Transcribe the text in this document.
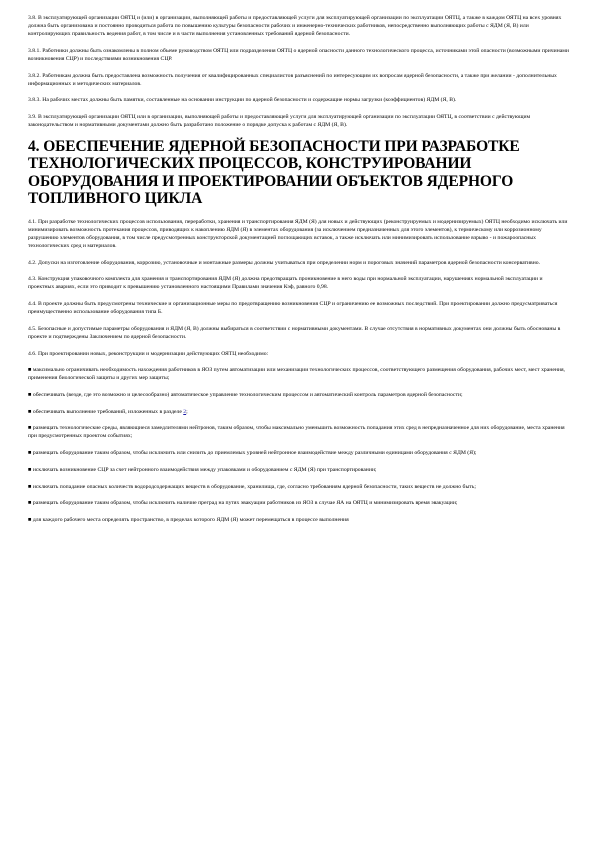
3.8. В эксплуатирующей организации ОЯТЦ и (или) в организации, выполняющей работы и предоставляющей услуги для эксплуатирующей организации по эксплуатации ОЯТЦ, а также в каждом ОЯТЦ на всех уровнях должна быть организована и постоянно проводиться работа по повышению культуры безопасности рабочих и инженерно-технических работников, непосредственно выполняющих работы с ЯДМ (Я, В) или контролирующих правильность ведения работ, в том числе и в части выполнения установленных требований ядерной безопасности.

3.8.1. Работники должны быть ознакомлены в полном объеме руководством ОЯТЦ или подразделения ОЯТЦ о ядерной опасности данного технологического процесса, источниками этой опасности (возможными причинами возникновения СЦР) и последствиями возникновения СЦР.

3.8.2. Работникам должна быть предоставлена возможность получения от квалифицированных специалистов разъяснений по интересующим их вопросам ядерной безопасности, а также при желании - дополнительных информационных и методических материалов.

3.8.3. На рабочих местах должны быть памятки, составленные на основании инструкции по ядерной безопасности и содержащие нормы загрузки (коэффициентов) ЯДМ (Я, В).

3.9. В эксплуатирующей организации ОЯТЦ или в организации, выполняющей работы и предоставляющей услуги для эксплуатирующей организации по эксплуатации ОЯТЦ, в соответствии с действующим законодательством и нормативными документами должно быть разработано положение о порядке допуска к работам с ЯДМ (Я, В).

4. ОБЕСПЕЧЕНИЕ ЯДЕРНОЙ БЕЗОПАСНОСТИ ПРИ РАЗРАБОТКЕ ТЕХНОЛОГИЧЕСКИХ ПРОЦЕССОВ, КОНСТРУИРОВАНИИ ОБОРУДОВАНИЯ И ПРОЕКТИРОВАНИИ ОБЪЕКТОВ ЯДЕРНОГО ТОПЛИВНОГО ЦИКЛА

4.1. При разработке технологических процессов использования, переработки, хранения и транспортирования ЯДМ (Я) для новых и действующих (реконструируемых и модернизируемых) ОЯТЦ необходимо исключать или минимизировать возможность протекания процессов, приводящих к накоплению ЯДМ (Я) в элементах оборудования (за исключением предназначенных для этого элементов), к термическому или коррозионному разрушению элементов оборудования, в том числе предусмотренных конструкторской документацией поглощающих вставок, а также исключать или минимизировать использование взрыво - и пожароопасных технологических сред и материалов.

4.2. Допуски на изготовление оборудования, коррозию, установочные и монтажные размеры должны учитываться при определении норм и пороговых значений параметров ядерной безопасности консервативно.

4.3. Конструкция упаковочного комплекта для хранения и транспортирования ЯДМ (Я) должна предотвращать проникновение в него воды при нормальной эксплуатации, нарушениях нормальной эксплуатации и проектных авариях, если это приводит к превышению установленного настоящими Правилами значения Кэф, равного 0,98.

4.4. В проекте должны быть предусмотрены технические и организационные меры по предотвращению возникновения СЦР и ограничению ее возможных последствий. При проектировании должно предусматриваться преимущественно использование оборудования типа Б.

4.5. Безопасные и допустимые параметры оборудования и ЯДМ (Я, В) должны выбираться в соответствии с нормативными документами. В случае отсутствия в нормативных документах они должны быть обоснованы в проекте и подтверждены Заключением по ядерной безопасности.

4.6. При проектировании новых, реконструкции и модернизации действующих ОЯТЦ необходимо:

■ максимально ограничивать необходимость нахождения работников в ЯОЗ путем автоматизации или механизации технологических процессов, соответствующего размещения оборудования, рабочих мест, мест хранения, применения биологической защиты и других мер защиты;

■ обеспечивать (везде, где это возможно и целесообразно) автоматическое управление технологическим процессом и автоматический контроль параметров ядерной безопасности;

■ обеспечивать выполнение требований, изложенных в разделе 2;

■ размещать технологические среды, являющиеся замедлителями нейтронов, таким образом, чтобы максимально уменьшить возможность попадания этих сред в непредназначенное для них оборудование, места хранения при предусмотренных проектом событиях;

■ размещать оборудование таким образом, чтобы исключить или снизить до приемлемых уровней нейтронное взаимодействие между различными единицами оборудования с ЯДМ (Я);

■ исключать возникновение СЦР за счет нейтронного взаимодействия между упаковками и оборудованием с ЯДМ (Я) при транспортировании;

■ исключать попадание опасных количеств водородсодержащих веществ в оборудование, хранилища, где, согласно требованиям ядерной безопасности, таких веществ не должно быть;

■ размещать оборудование таким образом, чтобы исключить наличие преград на путях эвакуации работников из ЯОЗ в случае ЯА на ОЯТЦ и минимизировать время эвакуации;

■ для каждого рабочего места определять пространство, в пределах которого ЯДМ (Я) может перемещаться в процессе выполнения
